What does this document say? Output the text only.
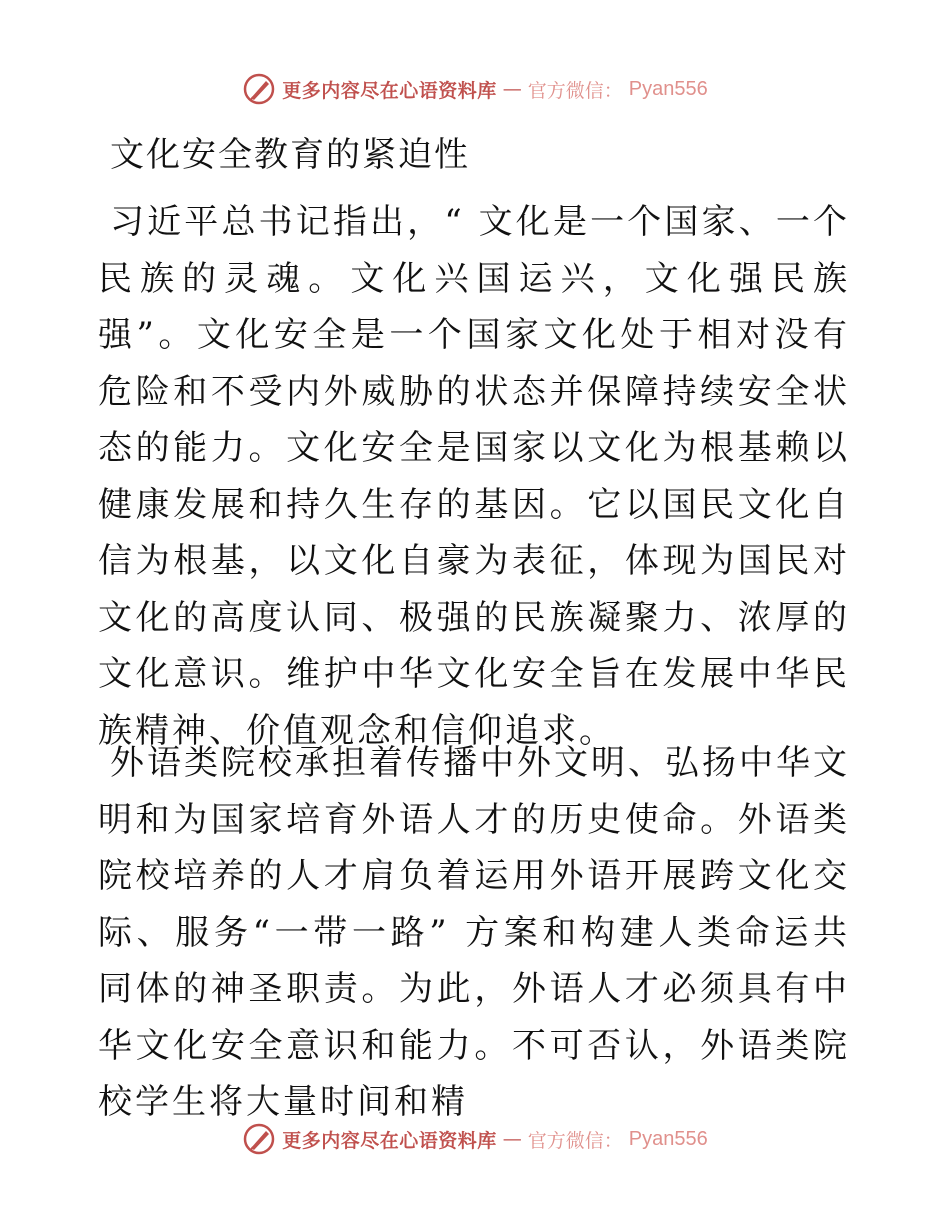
更多内容尽在心语资料库 — 官方微信： Pyan556
文化安全教育的紧迫性

习近平总书记指出，“ 文化是一个国家、一个民族的灵魂。文化兴国运兴，文化强民族强”。文化安全是一个国家文化处于相对没有危险和不受内外威胁的状态并保障持续安全状态的能力。文化安全是国家以文化为根基赖以健康发展和持久生存的基因。它以国民文化自信为根基，以文化自豪为表征，体现为国民对文化的高度认同、极强的民族凝聚力、浓厚的文化意识。维护中华文化安全旨在发展中华民族精神、价值观念和信仰追求。

外语类院校承担着传播中外文明、弘扬中华文明和为国家培育外语人才的历史使命。外语类院校培养的人才肩负着运用外语开展跨文化交际、服务“一带一路” 方案和构建人类命运共同体的神圣职责。为此，外语人才必须具有中华文化安全意识和能力。不可否认，外语类院校学生将大量时间和精

更多内容尽在心语资料库 — 官方微信： Pyan556
